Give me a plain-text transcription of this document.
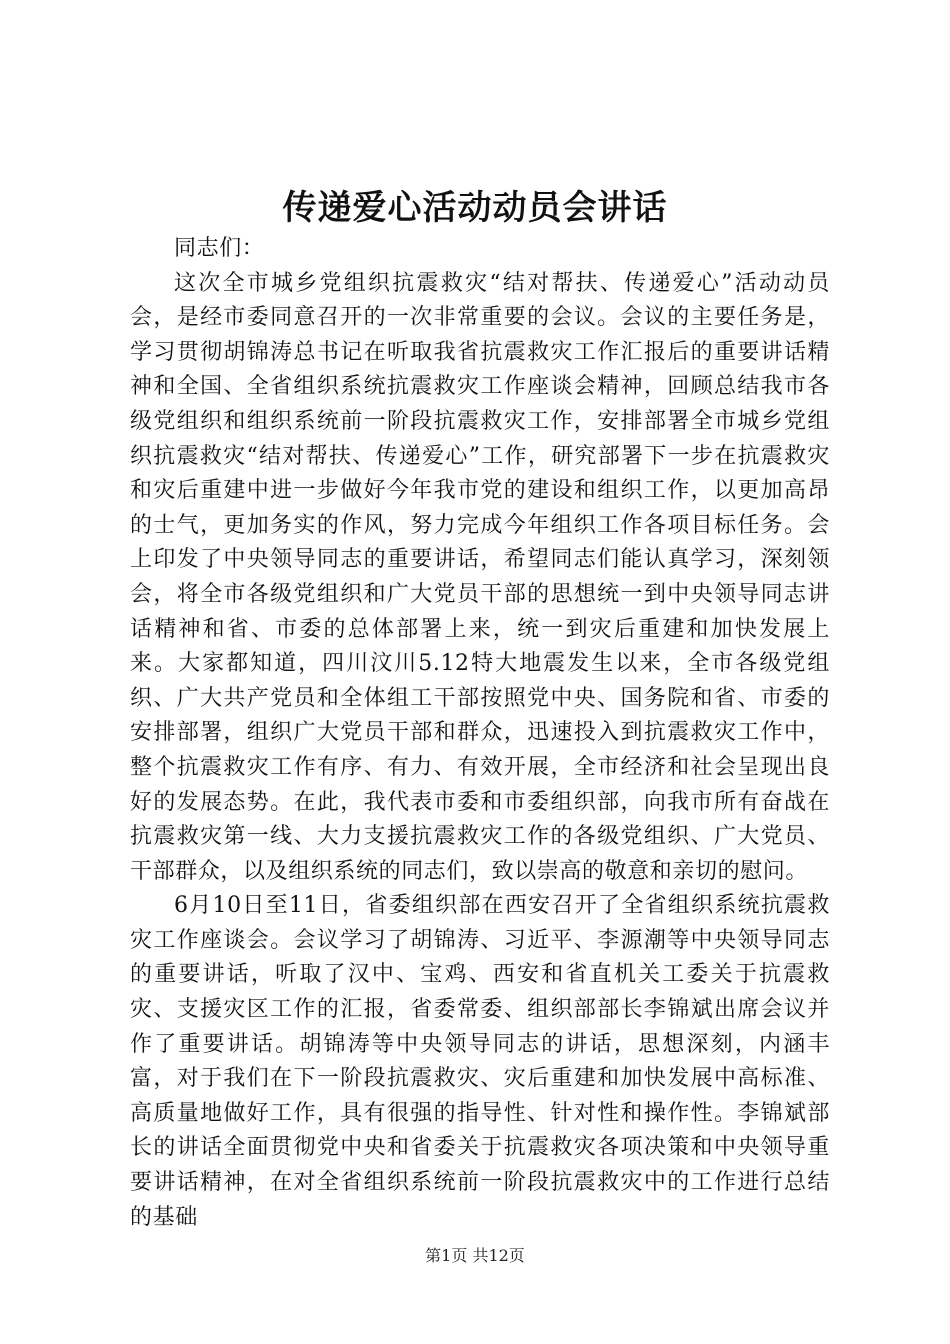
传递爱心活动动员会讲话

同志们：

这次全市城乡党组织抗震救灾“结对帮扶、传递爱心”活动动员会，是经市委同意召开的一次非常重要的会议。会议的主要任务是，学习贯彻胡锦涛总书记在听取我省抗震救灾工作汇报后的重要讲话精神和全国、全省组织系统抗震救灾工作座谈会精神，回顾总结我市各级党组织和组织系统前一阶段抗震救灾工作，安排部署全市城乡党组织抗震救灾“结对帮扶、传递爱心”工作，研究部署下一步在抗震救灾和灾后重建中进一步做好今年我市党的建设和组织工作，以更加高昂的士气，更加务实的作风，努力完成今年组织工作各项目标任务。会上印发了中央领导同志的重要讲话，希望同志们能认真学习，深刻领会，将全市各级党组织和广大党员干部的思想统一到中央领导同志讲话精神和省、市委的总体部署上来，统一到灾后重建和加快发展上来。大家都知道，四川汶川5.12特大地震发生以来，全市各级党组织、广大共产党员和全体组工干部按照党中央、国务院和省、市委的安排部署，组织广大党员干部和群众，迅速投入到抗震救灾工作中，整个抗震救灾工作有序、有力、有效开展，全市经济和社会呈现出良好的发展态势。在此，我代表市委和市委组织部，向我市所有奋战在抗震救灾第一线、大力支援抗震救灾工作的各级党组织、广大党员、干部群众，以及组织系统的同志们，致以崇高的敬意和亲切的慰问。

6月10日至11日，省委组织部在西安召开了全省组织系统抗震救灾工作座谈会。会议学习了胡锦涛、习近平、李源潮等中央领导同志的重要讲话，听取了汉中、宝鸡、西安和省直机关工委关于抗震救灾、支援灾区工作的汇报，省委常委、组织部部长李锦斌出席会议并作了重要讲话。胡锦涛等中央领导同志的讲话，思想深刻，内涵丰富，对于我们在下一阶段抗震救灾、灾后重建和加快发展中高标准、高质量地做好工作，具有很强的指导性、针对性和操作性。李锦斌部长的讲话全面贯彻党中央和省委关于抗震救灾各项决策和中央领导重要讲话精神，在对全省组织系统前一阶段抗震救灾中的工作进行总结的基础

第1页 共12页
